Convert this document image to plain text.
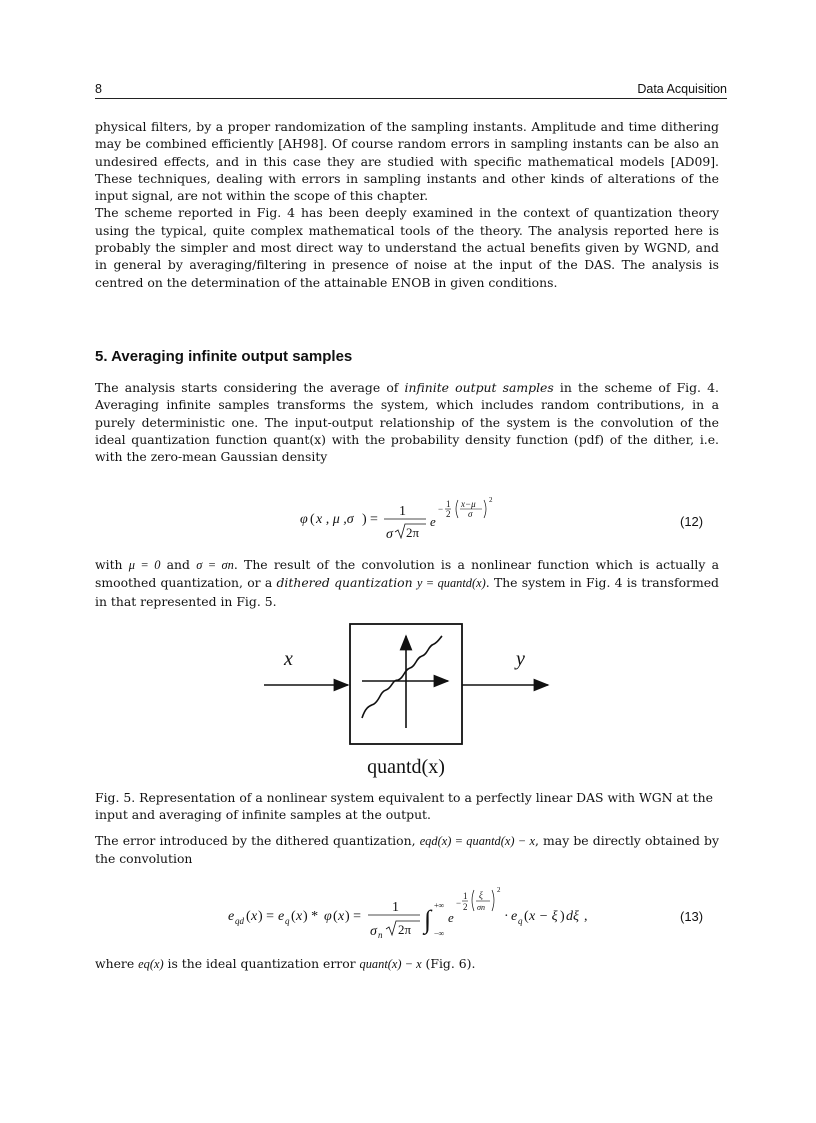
8	Data Acquisition

physical filters, by a proper randomization of the sampling instants. Amplitude and time dithering may be combined efficiently [AH98]. Of course random errors in sampling instants can be also an undesired effects, and in this case they are studied with specific mathematical models [AD09]. These techniques, dealing with errors in sampling instants and other kinds of alterations of the input signal, are not within the scope of this chapter.

The scheme reported in Fig. 4 has been deeply examined in the context of quantization theory using the typical, quite complex mathematical tools of the theory. The analysis reported here is probably the simpler and most direct way to understand the actual benefits given by WGND, and in general by averaging/filtering in presence of noise at the input of the DAS. The analysis is centred on the determination of the attainable ENOB in given conditions.

5. Averaging infinite output samples

The analysis starts considering the average of infinite output samples in the scheme of Fig. 4. Averaging infinite samples transforms the system, which includes random contributions, in a purely deterministic one. The input-output relationship of the system is the convolution of the ideal quantization function quant(x) with the probability density function (pdf) of the dither, i.e. with the zero-mean Gaussian density

φ ( x , μ ,σ ) =
1
σ 2π
e
− 1
2
x−μ
σ
2
(12)

with μ = 0 and σ = σn. The result of the convolution is a nonlinear function which is actually a smoothed quantization, or a dithered quantization y = quantd(x). The system in Fig. 4 is transformed in that represented in Fig. 5.

x	y
quantd(x)
Fig. 5. Representation of a nonlinear system equivalent to a perfectly linear DAS with WGN at the input and averaging of infinite samples at the output.

The error introduced by the dithered quantization, eqd(x) = quantd(x) − x, may be directly obtained by the convolution

e qd ( x ) = e q ( x ) * φ ( x ) =
1
σ n 2π ∫ +∞
−∞
e
−
1
2
ξ
σn
2
· e q ( x − ξ ) dξ ,	(13)

where eq(x) is the ideal quantization error quant(x) − x (Fig. 6).
